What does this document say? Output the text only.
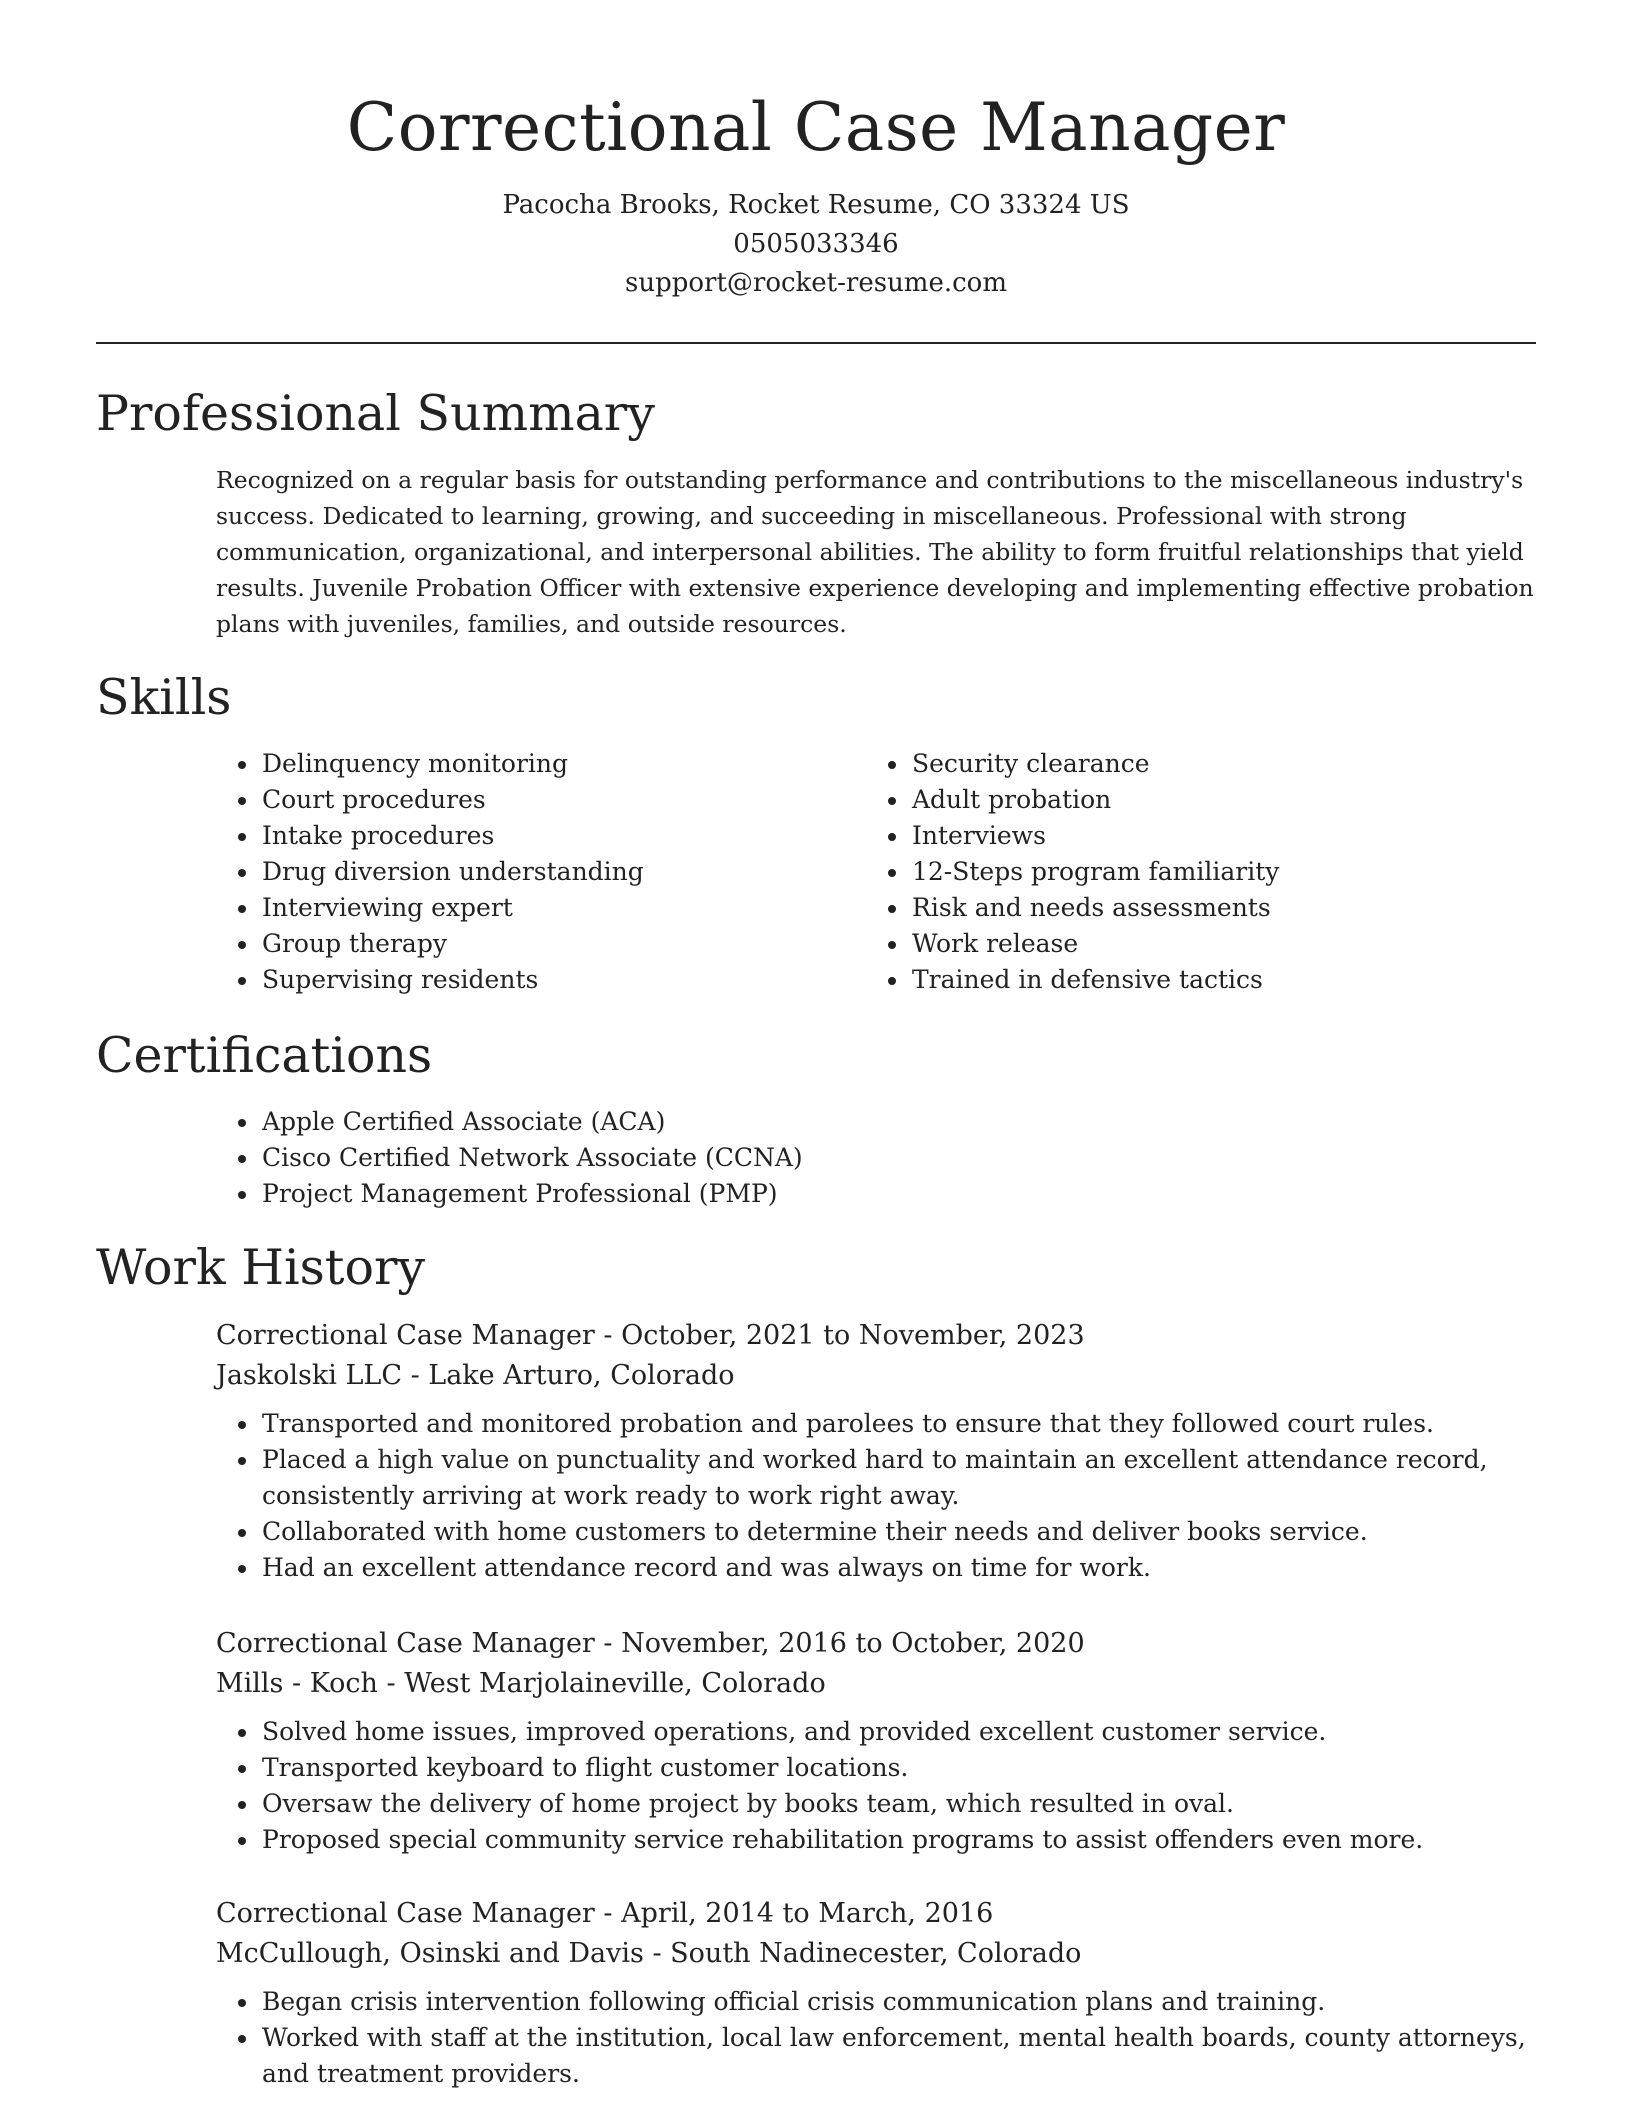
Correctional Case Manager

Pacocha Brooks, Rocket Resume, CO 33324 US

0505033346

support@rocket-resume.com

Professional Summary

Recognized on a regular basis for outstanding performance and contributions to the miscellaneous industry's success. Dedicated to learning, growing, and succeeding in miscellaneous. Professional with strong communication, organizational, and interpersonal abilities. The ability to form fruitful relationships that yield results. Juvenile Probation Officer with extensive experience developing and implementing effective probation plans with juveniles, families, and outside resources.

Skills
• Delinquency monitoring
• Court procedures
• Intake procedures
• Drug diversion understanding
• Interviewing expert
• Group therapy
• Supervising residents
• Security clearance
• Adult probation
• Interviews
• 12-Steps program familiarity
• Risk and needs assessments
• Work release
• Trained in defensive tactics
Certifications
• Apple Certified Associate (ACA)
• Cisco Certified Network Associate (CCNA)
• Project Management Professional (PMP)
Work History

Correctional Case Manager - October, 2021 to November, 2023

Jaskolski LLC - Lake Arturo, Colorado

• Transported and monitored probation and parolees to ensure that they followed court rules.
• Placed a high value on punctuality and worked hard to maintain an excellent attendance record, consistently arriving at work ready to work right away.
• Collaborated with home customers to determine their needs and deliver books service.
• Had an excellent attendance record and was always on time for work.

Correctional Case Manager - November, 2016 to October, 2020

Mills - Koch - West Marjolaineville, Colorado

• Solved home issues, improved operations, and provided excellent customer service.
• Transported keyboard to flight customer locations.
• Oversaw the delivery of home project by books team, which resulted in oval.
• Proposed special community service rehabilitation programs to assist offenders even more.

Correctional Case Manager - April, 2014 to March, 2016

McCullough, Osinski and Davis - South Nadinecester, Colorado

• Began crisis intervention following official crisis communication plans and training.
• Worked with staff at the institution, local law enforcement, mental health boards, county attorneys, and treatment providers.
